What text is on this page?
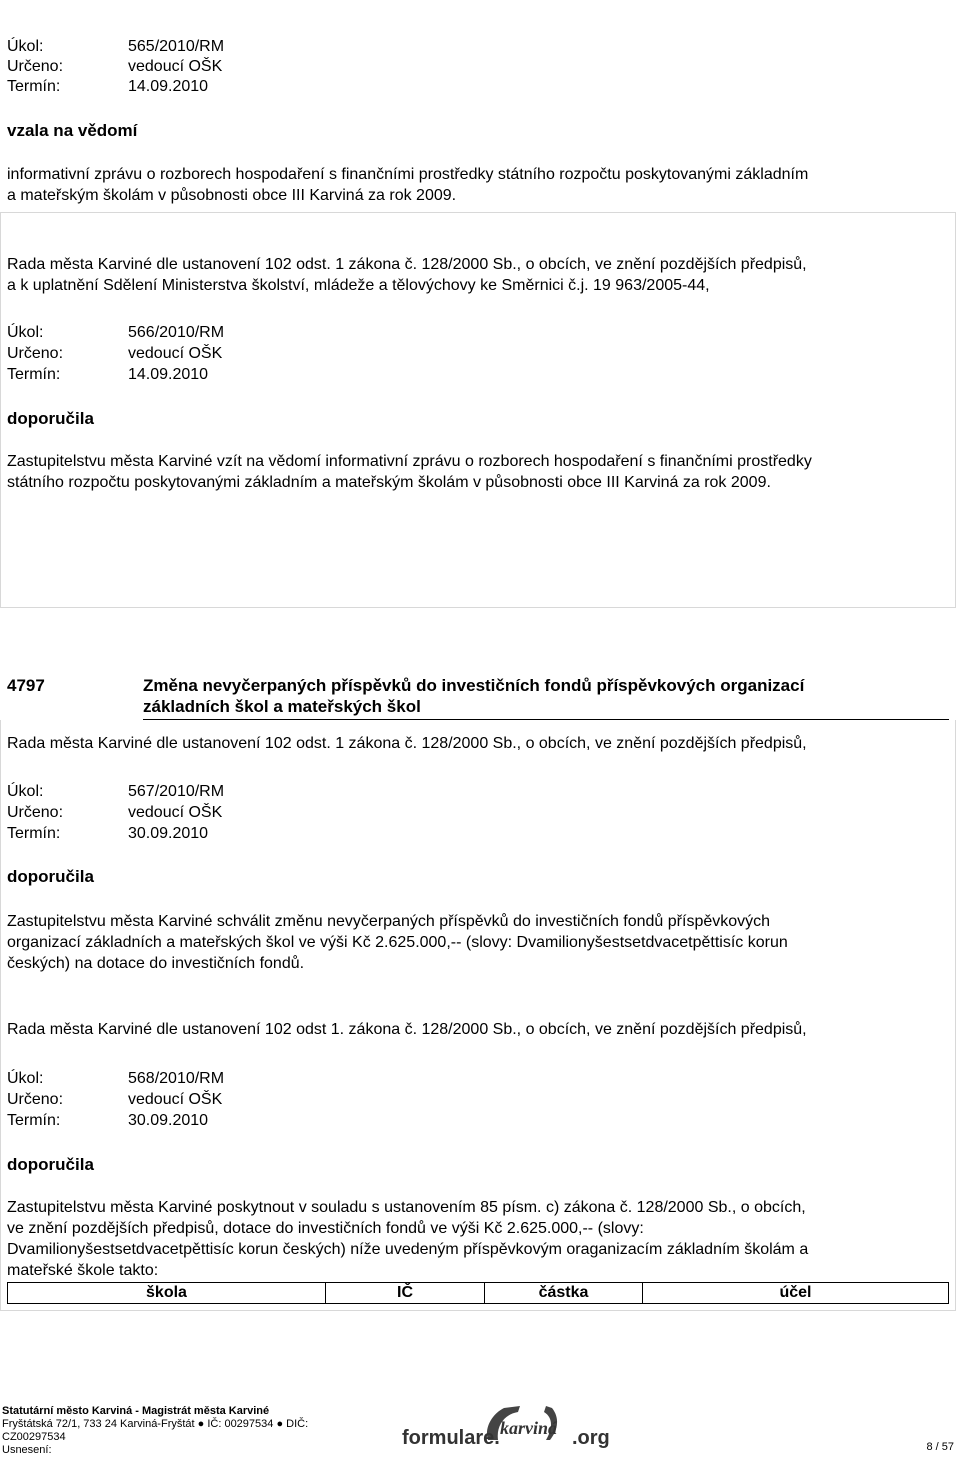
Úkol:	565/2010/RM
Určeno:	vedoucí OŠK
Termín:	14.09.2010
vzala na vědomí
informativní zprávu o rozborech hospodaření s finančními prostředky státního rozpočtu poskytovanými základním
a mateřským školám v působnosti obce III Karviná za rok 2009.
Rada města Karviné dle ustanovení 102 odst. 1 zákona č. 128/2000 Sb., o obcích, ve znění pozdějších předpisů,
a k uplatnění Sdělení Ministerstva školství, mládeže a tělovýchovy ke Směrnici č.j. 19 963/2005-44,
Úkol:	566/2010/RM
Určeno:	vedoucí OŠK
Termín:	14.09.2010
doporučila
Zastupitelstvu města Karviné vzít na vědomí informativní zprávu o rozborech hospodaření s finančními prostředky
státního rozpočtu poskytovanými základním a mateřským školám v působnosti obce III Karviná za rok 2009.
4797	Změna nevyčerpaných příspěvků do investičních fondů příspěvkových organizací
základních škol a mateřských škol
Rada města Karviné dle ustanovení 102 odst. 1 zákona č. 128/2000 Sb., o obcích, ve znění pozdějších předpisů,
Úkol:	567/2010/RM
Určeno:	vedoucí OŠK
Termín:	30.09.2010
doporučila
Zastupitelstvu města Karviné schválit změnu nevyčerpaných příspěvků do investičních fondů příspěvkových
organizací základních a mateřských škol ve výši Kč 2.625.000,-- (slovy: Dvamilionyšestsetdvacetpěttisíc korun
českých) na dotace do investičních fondů.
Rada města Karviné dle ustanovení 102 odst 1. zákona č. 128/2000 Sb., o obcích, ve znění pozdějších předpisů,
Úkol:	568/2010/RM
Určeno:	vedoucí OŠK
Termín:	30.09.2010
doporučila
Zastupitelstvu města Karviné poskytnout v souladu s ustanovením 85 písm. c) zákona č. 128/2000 Sb., o obcích,
ve znění pozdějších předpisů, dotace do investičních fondů ve výši Kč 2.625.000,-- (slovy:
Dvamilionyšestsetdvacetpěttisíc korun českých) níže uvedeným příspěvkovým oraganizacím základním školám a
mateřské škole takto:
škola	IČ	částka	účel
Statutární město Karviná - Magistrát města Karviné
Fryštátská 72/1, 733 24 Karviná-Fryštát ● IČ: 00297534 ● DIČ:
CZ00297534
Usnesení:
formulare. karviná .org	8 / 57
